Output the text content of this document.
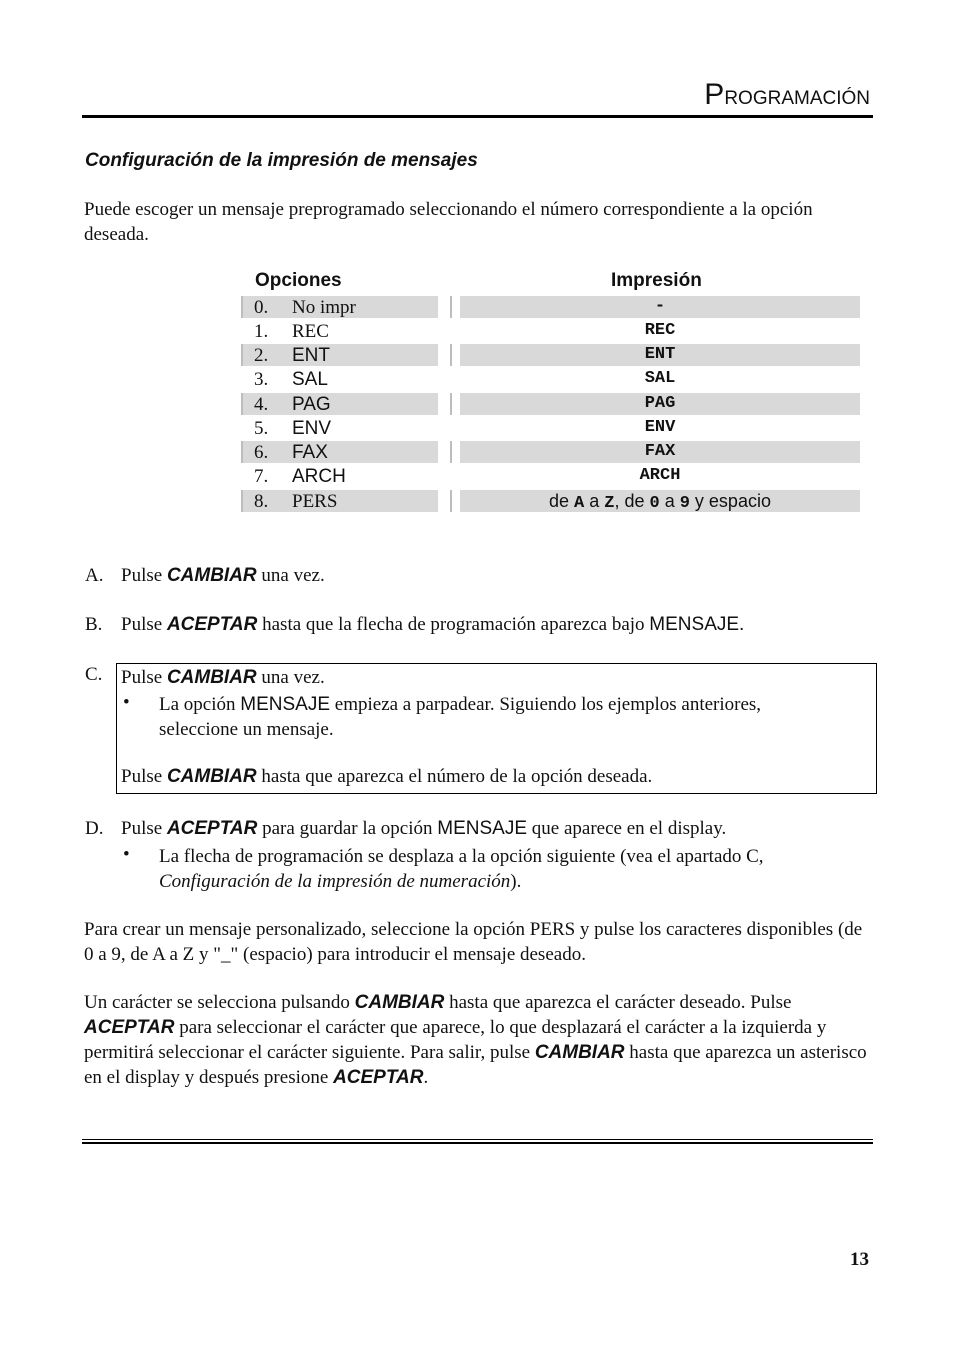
PROGRAMACIÓN
Configuración de la impresión de mensajes
Puede escoger un mensaje preprogramado seleccionando el número correspondiente a la opción deseada.
Opciones	Impresión
0.	No impr	-
1.	REC	REC
2.	ENT	ENT
3.	SAL	SAL
4.	PAG	PAG
5.	ENV	ENV
6.	FAX	FAX
7.	ARCH	ARCH
8.	PERS	de A a Z, de 0 a 9 y espacio
A. Pulse CAMBIAR una vez.
B. Pulse ACEPTAR hasta que la flecha de programación aparezca bajo MENSAJE.
C. Pulse CAMBIAR una vez.
• La opción MENSAJE empieza a parpadear. Siguiendo los ejemplos anteriores,
seleccione un mensaje.
Pulse CAMBIAR hasta que aparezca el número de la opción deseada.
D. Pulse ACEPTAR para guardar la opción MENSAJE que aparece en el display.
• La flecha de programación se desplaza a la opción siguiente (vea el apartado C,
Configuración de la impresión de numeración).
Para crear un mensaje personalizado, seleccione la opción PERS y pulse los caracteres disponibles (de 0 a 9, de A a Z y "_" (espacio) para introducir el mensaje deseado.
Un carácter se selecciona pulsando CAMBIAR hasta que aparezca el carácter deseado. Pulse ACEPTAR para seleccionar el carácter que aparece, lo que desplazará el carácter a la izquierda y permitirá seleccionar el carácter siguiente. Para salir, pulse CAMBIAR hasta que aparezca un asterisco en el display y después presione ACEPTAR.
13
